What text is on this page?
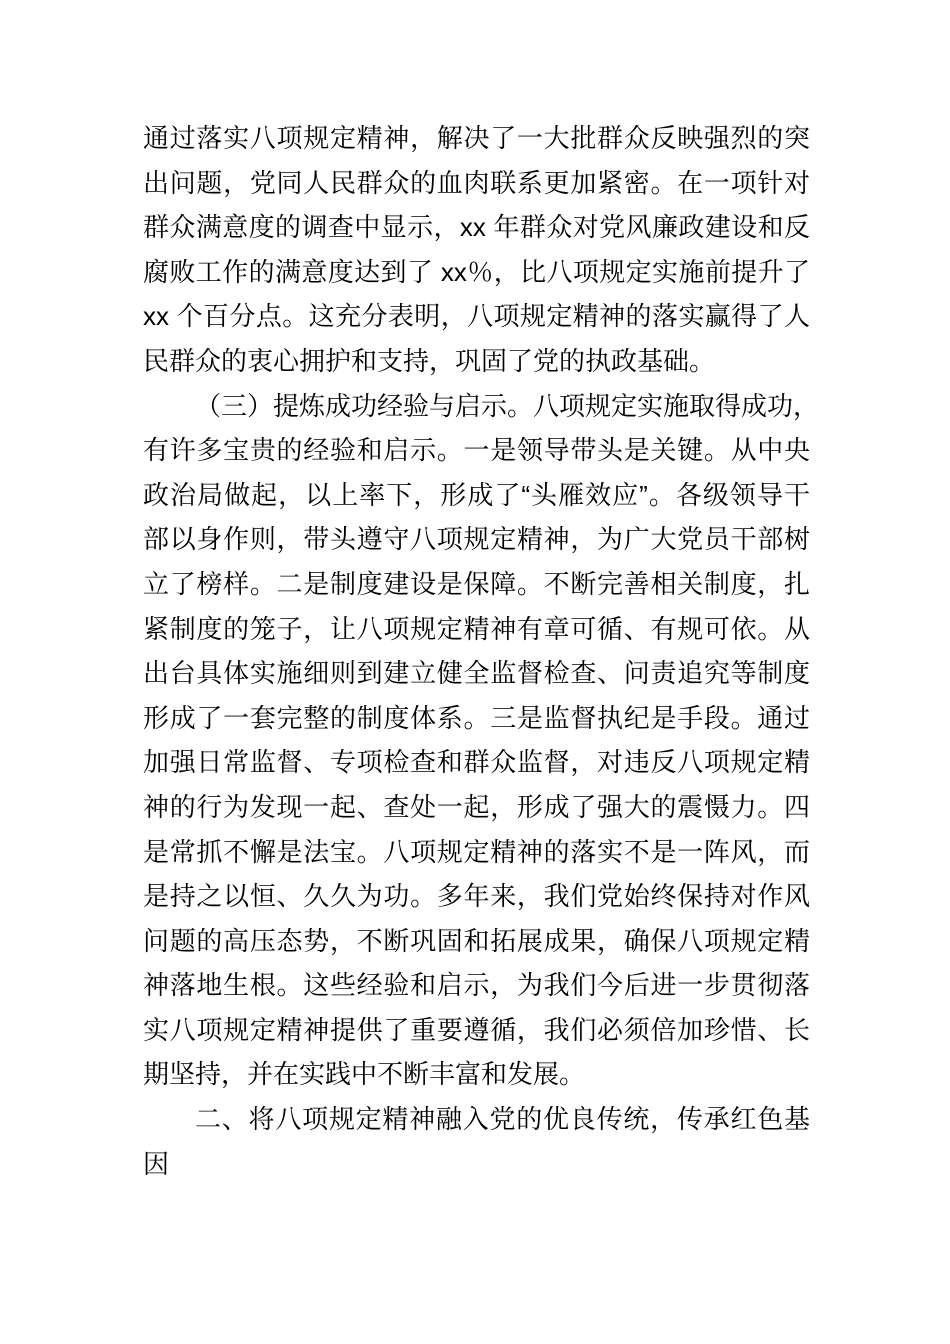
通过落实八项规定精神，解决了一大批群众反映强烈的突
出问题，党同人民群众的血肉联系更加紧密。在一项针对
群众满意度的调查中显示，xx 年群众对党风廉政建设和反
腐败工作的满意度达到了 xx％，比八项规定实施前提升了
xx 个百分点。这充分表明，八项规定精神的落实赢得了人
民群众的衷心拥护和支持，巩固了党的执政基础。
（三）提炼成功经验与启示。八项规定实施取得成功，
有许多宝贵的经验和启示。一是领导带头是关键。从中央
政治局做起，以上率下，形成了“头雁效应”。各级领导干
部以身作则，带头遵守八项规定精神，为广大党员干部树
立了榜样。二是制度建设是保障。不断完善相关制度，扎
紧制度的笼子，让八项规定精神有章可循、有规可依。从
出台具体实施细则到建立健全监督检查、问责追究等制度
形成了一套完整的制度体系。三是监督执纪是手段。通过
加强日常监督、专项检查和群众监督，对违反八项规定精
神的行为发现一起、查处一起，形成了强大的震慑力。四
是常抓不懈是法宝。八项规定精神的落实不是一阵风，而
是持之以恒、久久为功。多年来，我们党始终保持对作风
问题的高压态势，不断巩固和拓展成果，确保八项规定精
神落地生根。这些经验和启示，为我们今后进一步贯彻落
实八项规定精神提供了重要遵循，我们必须倍加珍惜、长
期坚持，并在实践中不断丰富和发展。
二、将八项规定精神融入党的优良传统，传承红色基
因
